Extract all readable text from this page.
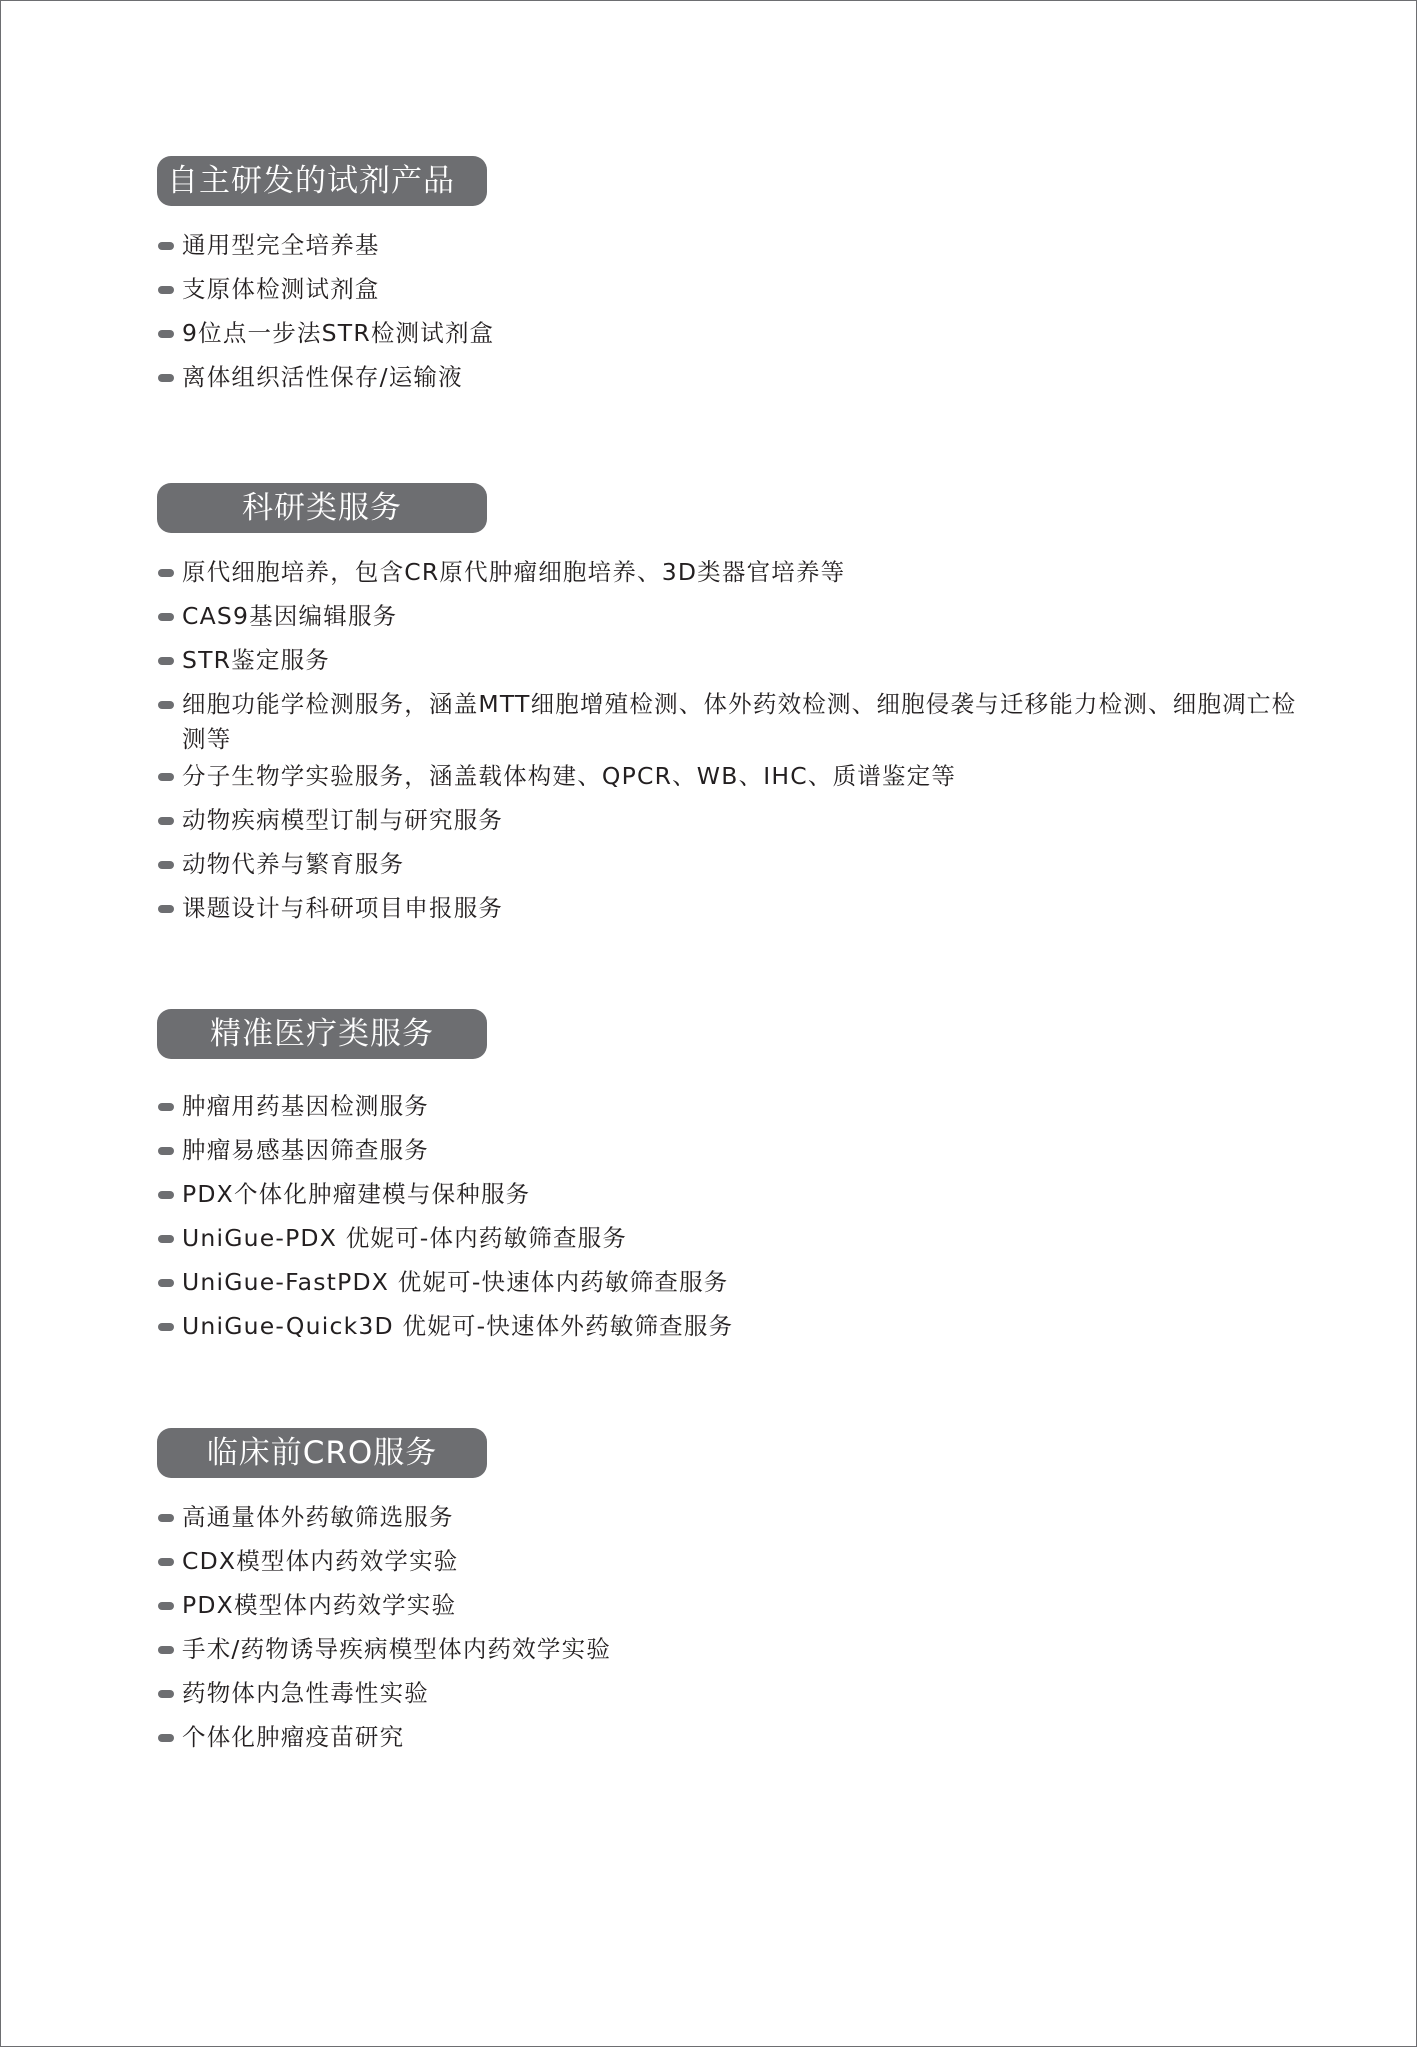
自主研发的试剂产品
通用型完全培养基
支原体检测试剂盒
9位点一步法STR检测试剂盒
离体组织活性保存/运输液
科研类服务
原代细胞培养，包含CR原代肿瘤细胞培养、3D类器官培养等
CAS9基因编辑服务
STR鉴定服务
细胞功能学检测服务，涵盖MTT细胞增殖检测、体外药效检测、细胞侵袭与迁移能力检测、细胞凋亡检测等
分子生物学实验服务，涵盖载体构建、QPCR、WB、IHC、质谱鉴定等
动物疾病模型订制与研究服务
动物代养与繁育服务
课题设计与科研项目申报服务
精准医疗类服务
肿瘤用药基因检测服务
肿瘤易感基因筛查服务
PDX个体化肿瘤建模与保种服务
UniGue-PDX 优妮可-体内药敏筛查服务
UniGue-FastPDX 优妮可-快速体内药敏筛查服务
UniGue-Quick3D 优妮可-快速体外药敏筛查服务
临床前CRO服务
高通量体外药敏筛选服务
CDX模型体内药效学实验
PDX模型体内药效学实验
手术/药物诱导疾病模型体内药效学实验
药物体内急性毒性实验
个体化肿瘤疫苗研究
